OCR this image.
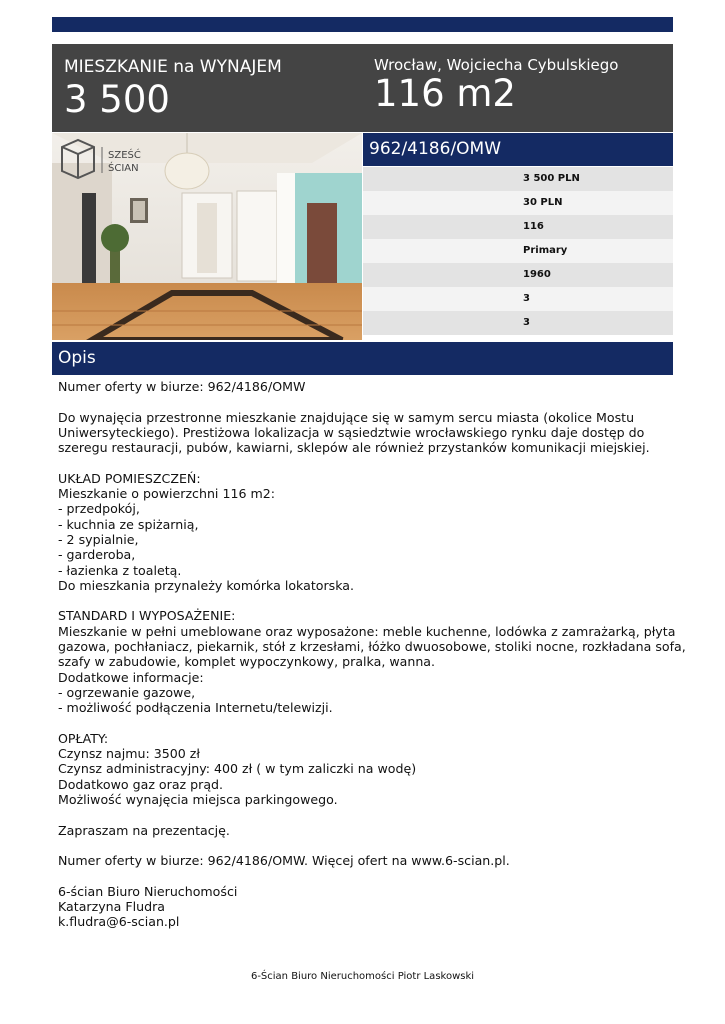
MIESZKANIE na WYNAJEM
3 500
Wrocław, Wojciecha Cybulskiego
116 m2
SZEŚĆ
ŚCIAN
962/4186/OMW
3 500 PLN
30 PLN
116
Primary
1960
3
3
Opis
Numer oferty w biurze: 962/4186/OMW
Do wynajęcia przestronne mieszkanie znajdujące się w samym sercu miasta (okolice Mostu
Uniwersyteckiego). Prestiżowa lokalizacja w sąsiedztwie wrocławskiego rynku daje dostęp do
szeregu restauracji, pubów, kawiarni, sklepów ale również przystanków komunikacji miejskiej.
UKŁAD POMIESZCZEŃ:
Mieszkanie o powierzchni 116 m2:
- przedpokój,
- kuchnia ze spiżarnią,
- 2 sypialnie,
- garderoba,
- łazienka z toaletą.
Do mieszkania przynależy komórka lokatorska.
STANDARD I WYPOSAŻENIE:
Mieszkanie w pełni umeblowane oraz wyposażone: meble kuchenne, lodówka z zamrażarką, płyta
gazowa, pochłaniacz, piekarnik, stół z krzesłami, łóżko dwuosobowe, stoliki nocne, rozkładana sofa,
szafy w zabudowie, komplet wypoczynkowy, pralka, wanna.
Dodatkowe informacje:
- ogrzewanie gazowe,
- możliwość podłączenia Internetu/telewizji.
OPŁATY:
Czynsz najmu: 3500 zł
Czynsz administracyjny: 400 zł ( w tym zaliczki na wodę)
Dodatkowo gaz oraz prąd.
Możliwość wynajęcia miejsca parkingowego.
Zapraszam na prezentację.
Numer oferty w biurze: 962/4186/OMW. Więcej ofert na www.6-scian.pl.
6-ścian Biuro Nieruchomości
Katarzyna Fludra
k.fludra@6-scian.pl
6-Ścian Biuro Nieruchomości Piotr Laskowski
